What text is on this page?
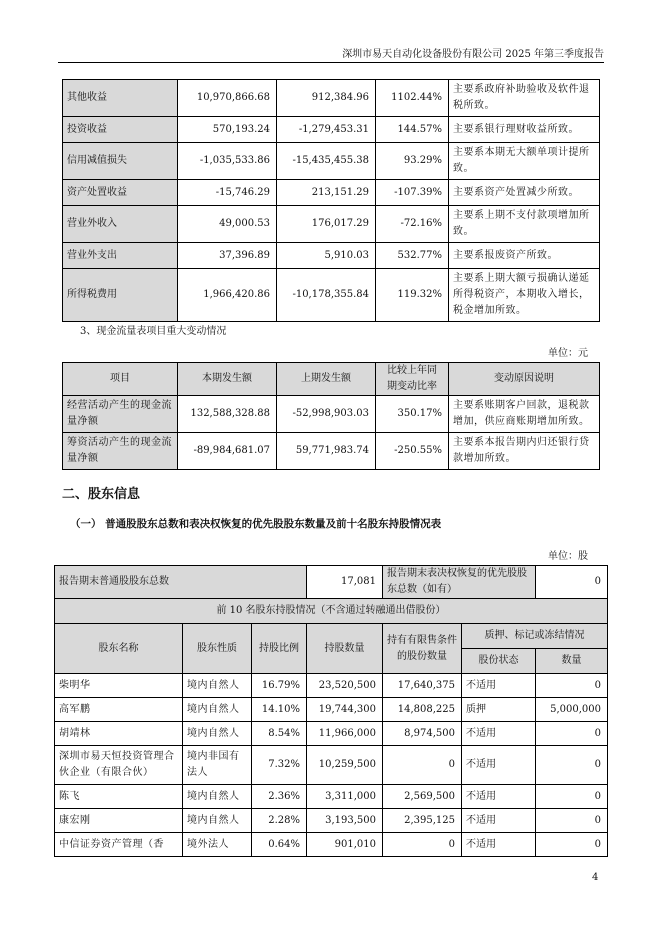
深圳市易天自动化设备股份有限公司 2025 年第三季度报告
其他收益	10,970,866.68	912,384.96	1102.44%	主要系政府补助验收及软件退税所致。
投资收益	570,193.24	-1,279,453.31	144.57%	主要系银行理财收益所致。
信用减值损失	-1,035,533.86	-15,435,455.38	93.29%	主要系本期无大额单项计提所致。
资产处置收益	-15,746.29	213,151.29	-107.39%	主要系资产处置减少所致。
营业外收入	49,000.53	176,017.29	-72.16%	主要系上期不支付款项增加所致。
营业外支出	37,396.89	5,910.03	532.77%	主要系报废资产所致。
所得税费用	1,966,420.86	-10,178,355.84	119.32%	主要系上期大额亏损确认递延所得税资产，本期收入增长，税金增加所致。
3、现金流量表项目重大变动情况
单位：元
项目	本期发生额	上期发生额	比较上年同期变动比率	变动原因说明
经营活动产生的现金流量净额	132,588,328.88	-52,998,903.03	350.17%	主要系账期客户回款，退税款增加，供应商账期增加所致。
筹资活动产生的现金流量净额	-89,984,681.07	59,771,983.74	-250.55%	主要系本报告期内归还银行贷款增加所致。
二、股东信息
（一） 普通股股东总数和表决权恢复的优先股股东数量及前十名股东持股情况表
单位：股
报告期末普通股股东总数			17,081	报告期末表决权恢复的优先股股东总数（如有）		0
前 10 名股东持股情况（不含通过转融通出借股份）						
股东名称	股东性质	持股比例	持股数量	持有有限售条件的股份数量	质押、标记或冻结情况	
					股份状态	数量
柴明华	境内自然人	16.79%	23,520,500	17,640,375	不适用	0
高军鹏	境内自然人	14.10%	19,744,300	14,808,225	质押	5,000,000
胡靖林	境内自然人	8.54%	11,966,000	8,974,500	不适用	0
深圳市易天恒投资管理合伙企业（有限合伙）	境内非国有法人	7.32%	10,259,500	0	不适用	0
陈飞	境内自然人	2.36%	3,311,000	2,569,500	不适用	0
康宏刚	境内自然人	2.28%	3,193,500	2,395,125	不适用	0
中信证券资产管理（香	境外法人	0.64%	901,010	0	不适用	0
4
